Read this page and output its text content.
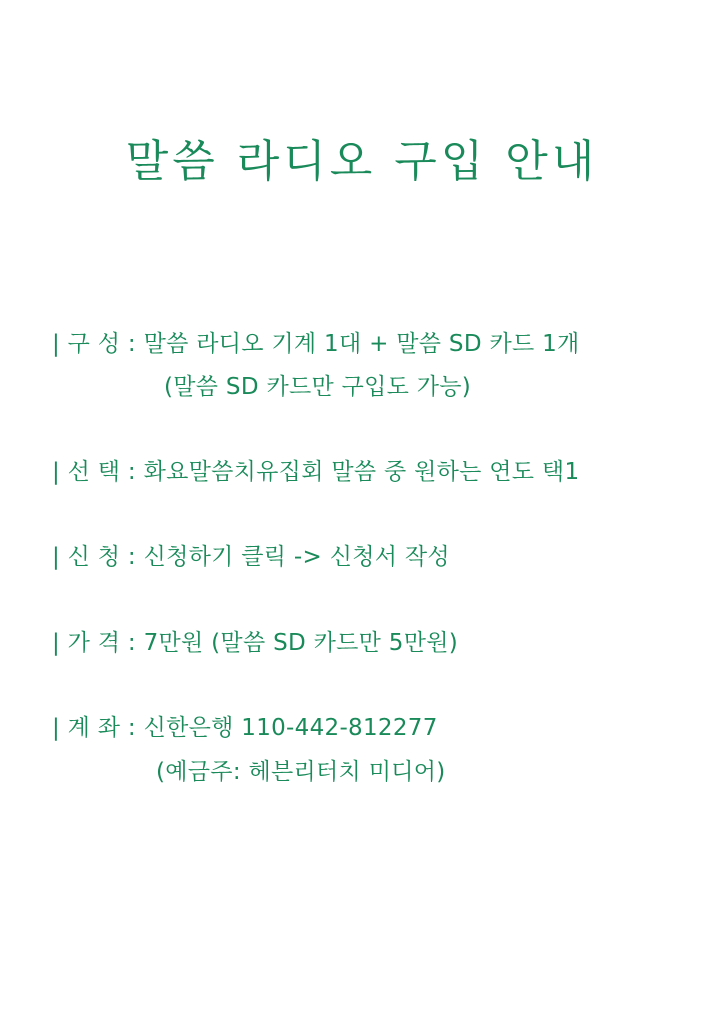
말씀 라디오 구입 안내
| 구 성 : 말씀 라디오 기계 1대 + 말씀 SD 카드 1개
(말씀 SD 카드만 구입도 가능)
| 선 택 : 화요말씀치유집회 말씀 중 원하는 연도 택1
| 신 청 : 신청하기 클릭 -> 신청서 작성
| 가 격 : 7만원 (말씀 SD 카드만 5만원)
| 계 좌 : 신한은행 110-442-812277
(예금주: 헤븐리터치 미디어)
